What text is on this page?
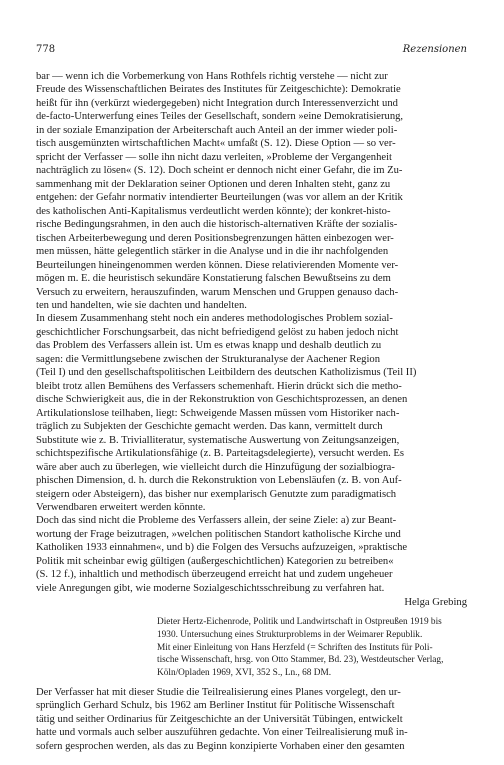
778	Rezensionen
bar — wenn ich die Vorbemerkung von Hans Rothfels richtig verstehe — nicht zur
Freude des Wissenschaftlichen Beirates des Institutes für Zeitgeschichte): Demokratie
heißt für ihn (verkürzt wiedergegeben) nicht Integration durch Interessenverzicht und
de-facto-Unterwerfung eines Teiles der Gesellschaft, sondern »eine Demokratisierung,
in der soziale Emanzipation der Arbeiterschaft auch Anteil an der immer wieder poli-
tisch ausgemünzten wirtschaftlichen Macht« umfaßt (S. 12). Diese Option — so ver-
spricht der Verfasser — solle ihn nicht dazu verleiten, »Probleme der Vergangenheit
nachträglich zu lösen« (S. 12). Doch scheint er dennoch nicht einer Gefahr, die im Zu-
sammenhang mit der Deklaration seiner Optionen und deren Inhalten steht, ganz zu
entgehen: der Gefahr normativ intendierter Beurteilungen (was vor allem an der Kritik
des katholischen Anti-Kapitalismus verdeutlicht werden könnte); der konkret-histo-
rische Bedingungsrahmen, in den auch die historisch-alternativen Kräfte der sozialis-
tischen Arbeiterbewegung und deren Positionsbegrenzungen hätten einbezogen wer-
men müssen, hätte gelegentlich stärker in die Analyse und in die ihr nachfolgenden
Beurteilungen hineingenommen werden können. Diese relativierenden Momente ver-
mögen m. E. die heuristisch sekundäre Konstatierung falschen Bewußtseins zu dem
Versuch zu erweitern, herauszufinden, warum Menschen und Gruppen genauso dach-
ten und handelten, wie sie dachten und handelten.
In diesem Zusammenhang steht noch ein anderes methodologisches Problem sozial-
geschichtlicher Forschungsarbeit, das nicht befriedigend gelöst zu haben jedoch nicht
das Problem des Verfassers allein ist. Um es etwas knapp und deshalb deutlich zu
sagen: die Vermittlungsebene zwischen der Strukturanalyse der Aachener Region
(Teil I) und den gesellschaftspolitischen Leitbildern des deutschen Katholizismus (Teil II)
bleibt trotz allen Bemühens des Verfassers schemenhaft. Hierin drückt sich die metho-
dische Schwierigkeit aus, die in der Rekonstruktion von Geschichtsprozessen, an denen
Artikulationslose teilhaben, liegt: Schweigende Massen müssen vom Historiker nach-
träglich zu Subjekten der Geschichte gemacht werden. Das kann, vermittelt durch
Substitute wie z. B. Trivialliteratur, systematische Auswertung von Zeitungsanzeigen,
schichtspezifische Artikulationsfähige (z. B. Parteitagsdelegierte), versucht werden. Es
wäre aber auch zu überlegen, wie vielleicht durch die Hinzufügung der sozialbiogra-
phischen Dimension, d. h. durch die Rekonstruktion von Lebensläufen (z. B. von Auf-
steigern oder Absteigern), das bisher nur exemplarisch Genutzte zum paradigmatisch
Verwendbaren erweitert werden könnte.
Doch das sind nicht die Probleme des Verfassers allein, der seine Ziele: a) zur Beant-
wortung der Frage beizutragen, »welchen politischen Standort katholische Kirche und
Katholiken 1933 einnahmen«, und b) die Folgen des Versuchs aufzuzeigen, »praktische
Politik mit scheinbar ewig gültigen (außergeschichtlichen) Kategorien zu betreiben«
(S. 12 f.), inhaltlich und methodisch überzeugend erreicht hat und zudem ungeheuer
viele Anregungen gibt, wie moderne Sozialgeschichtsschreibung zu verfahren hat.
Helga Grebing
Dieter Hertz-Eichenrode, Politik und Landwirtschaft in Ostpreußen 1919 bis
1930. Untersuchung eines Strukturproblems in der Weimarer Republik.
Mit einer Einleitung von Hans Herzfeld (= Schriften des Instituts für Poli-
tische Wissenschaft, hrsg. von Otto Stammer, Bd. 23), Westdeutscher Verlag,
Köln/Opladen 1969, XVI, 352 S., Ln., 68 DM.
Der Verfasser hat mit dieser Studie die Teilrealisierung eines Planes vorgelegt, den ur-
sprünglich Gerhard Schulz, bis 1962 am Berliner Institut für Politische Wissenschaft
tätig und seither Ordinarius für Zeitgeschichte an der Universität Tübingen, entwickelt
hatte und vormals auch selber auszuführen gedachte. Von einer Teilrealisierung muß in-
sofern gesprochen werden, als das zu Beginn konzipierte Vorhaben einer den gesamten
